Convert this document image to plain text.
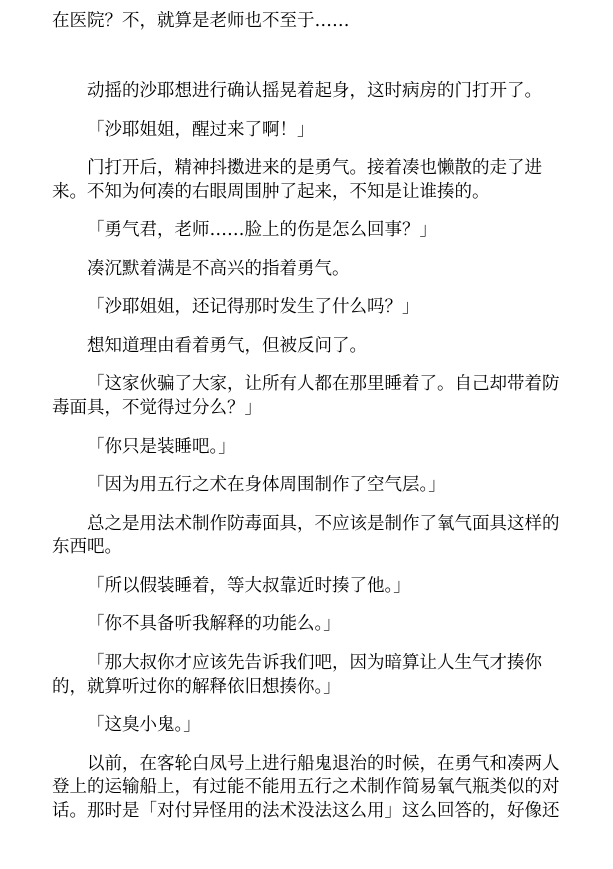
在医院？不，就算是老师也不至于……
动摇的沙耶想进行确认摇晃着起身，这时病房的门打开了。
「沙耶姐姐，醒过来了啊！」
门打开后，精神抖擞进来的是勇气。接着凑也懒散的走了进
来。不知为何凑的右眼周围肿了起来，不知是让谁揍的。
「勇气君，老师……脸上的伤是怎么回事？」
凑沉默着满是不高兴的指着勇气。
「沙耶姐姐，还记得那时发生了什么吗？」
想知道理由看着勇气，但被反问了。
「这家伙骗了大家，让所有人都在那里睡着了。自己却带着防
毒面具，不觉得过分么？」
「你只是装睡吧。」
「因为用五行之术在身体周围制作了空气层。」
总之是用法术制作防毒面具，不应该是制作了氧气面具这样的
东西吧。
「所以假装睡着，等大叔靠近时揍了他。」
「你不具备听我解释的功能么。」
「那大叔你才应该先告诉我们吧，因为暗算让人生气才揍你
的，就算听过你的解释依旧想揍你。」
「这臭小鬼。」
以前，在客轮白凤号上进行船鬼退治的时候，在勇气和凑两人
登上的运输船上，有过能不能用五行之术制作简易氧气瓶类似的对
话。那时是「对付异怪用的法术没法这么用」这么回答的，好像还
